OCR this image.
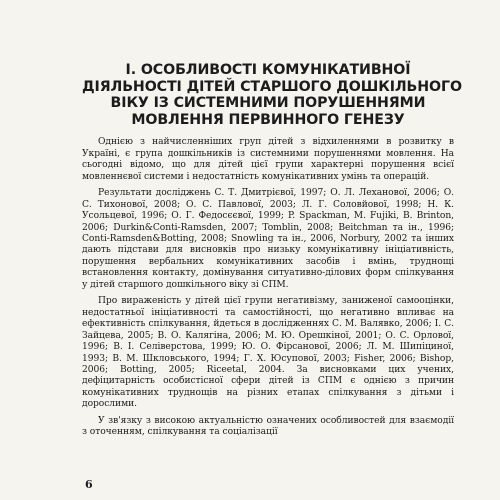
І. ОСОБЛИВОСТІ КОМУНІКАТИВНОЇ
ДІЯЛЬНОСТІ ДІТЕЙ СТАРШОГО ДОШКІЛЬНОГО
ВІКУ ІЗ СИСТЕМНИМИ ПОРУШЕННЯМИ
МОВЛЕННЯ ПЕРВИННОГО ГЕНЕЗУ

Однією з найчисленніших груп дітей з відхиленнями в розвитку в Україні, є група дошкільників із системними порушеннями мовлення. На сьогодні відомо, що для дітей цієї групи характерні порушення всієї мовленнєвої системи і недостатність комунікативних умінь та операцій.

Результати досліджень С. Т. Дмитрієвої, 1997; О. Л. Леханової, 2006; О. С. Тихонової, 2008; О. С. Павлової, 2003; Л. Г. Соловйової, 1998; Н. К. Усольцевої, 1996; О. Г. Федосєєвої, 1999; P. Spackman, M. Fujiki, B. Brinton, 2006; Durkin&Conti-Ramsden, 2007; Tomblin, 2008; Beitchman та ін., 1996; Conti-Ramsden&Botting, 2008; Snowling та ін., 2006, Norbury, 2002 та інших дають підстави для висновків про низьку комунікативну ініціативність, порушення вербальних комунікативних засобів і вмінь, труднощі встановлення контакту, домінування ситуативно-ділових форм спілкування у дітей старшого дошкільного віку зі СПМ.

Про вираженість у дітей цієї групи негативізму, заниженої самооцінки, недостатньої ініціативності та самостійності, що негативно впливає на ефективність спілкування, йдеться в дослідженнях С. М. Валявко, 2006; І. С. Зайцева, 2005; В. О. Калягіна, 2006; М. Ю. Орешкіної, 2001; О. С. Орлової, 1996; В. І. Селіверстова, 1999; Ю. О. Фірсанової, 2006; Л. М. Шипіциної, 1993; В. М. Шкловського, 1994; Г. Х. Юсупової, 2003; Fisher, 2006; Bishop, 2006; Botting, 2005; Riceetal, 2004. За висновками цих учених, дефіцитарність особистісної сфери дітей із СПМ є однією з причин комунікативних труднощів на різних етапах спілкування з дітьми і дорослими.

У зв'язку з високою актуальністю означених особливостей для взаємодії з оточенням, спілкування та соціалізації

6
